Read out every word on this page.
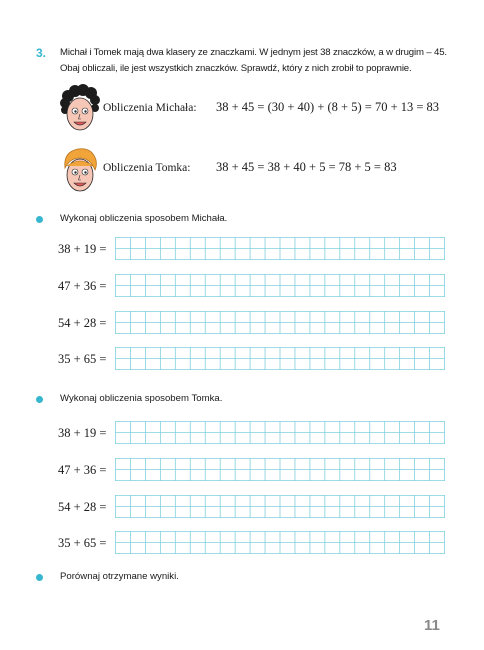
3. Michał i Tomek mają dwa klasery ze znaczkami. W jednym jest 38 znaczków, a w drugim – 45. Obaj obliczali, ile jest wszystkich znaczków. Sprawdź, który z nich zrobił to poprawnie.
Obliczenia Michała: 38 + 45 = (30 + 40) + (8 + 5) = 70 + 13 = 83
Obliczenia Tomka: 38 + 45 = 38 + 40 + 5 = 78 + 5 = 83
Wykonaj obliczenia sposobem Michała.
38 + 19 =
47 + 36 =
54 + 28 =
35 + 65 =
Wykonaj obliczenia sposobem Tomka.
38 + 19 =
47 + 36 =
54 + 28 =
35 + 65 =
Porównaj otrzymane wyniki.
11
